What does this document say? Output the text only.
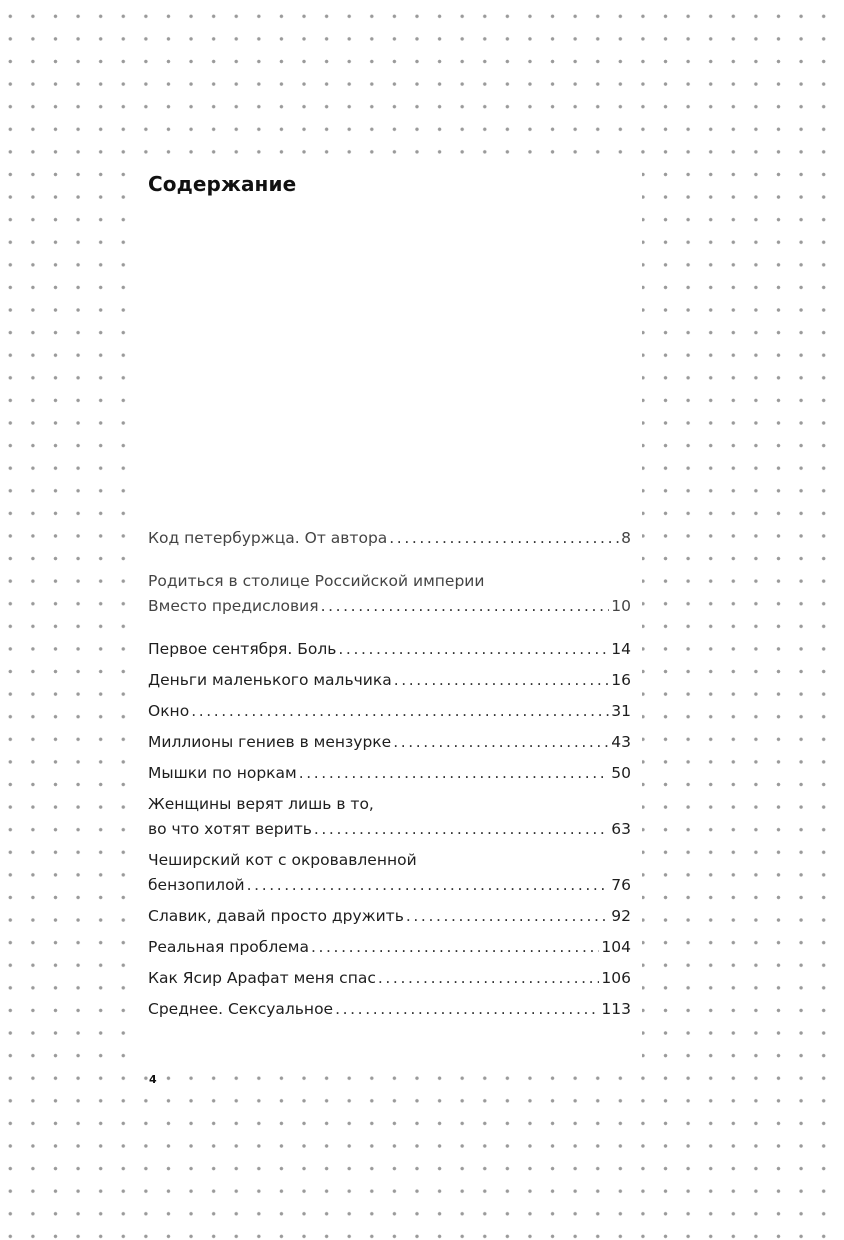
Содержание
Код петербуржца. От автора .....	8
Родиться в столице Российской империи
Вместо предисловия .....	10
Первое сентября. Боль .....	14
Деньги маленького мальчика .....	16
Окно .....	31
Миллионы гениев в мензурке .....	43
Мышки по норкам .....	50
Женщины верят лишь в то,
во что хотят верить .....	63
Чеширский кот с окровавленной
бензопилой .....	76
Славик, давай просто дружить .....	92
Реальная проблема .....	104
Как Ясир Арафат меня спас .....	106
Среднее. Сексуальное .....	113

4
